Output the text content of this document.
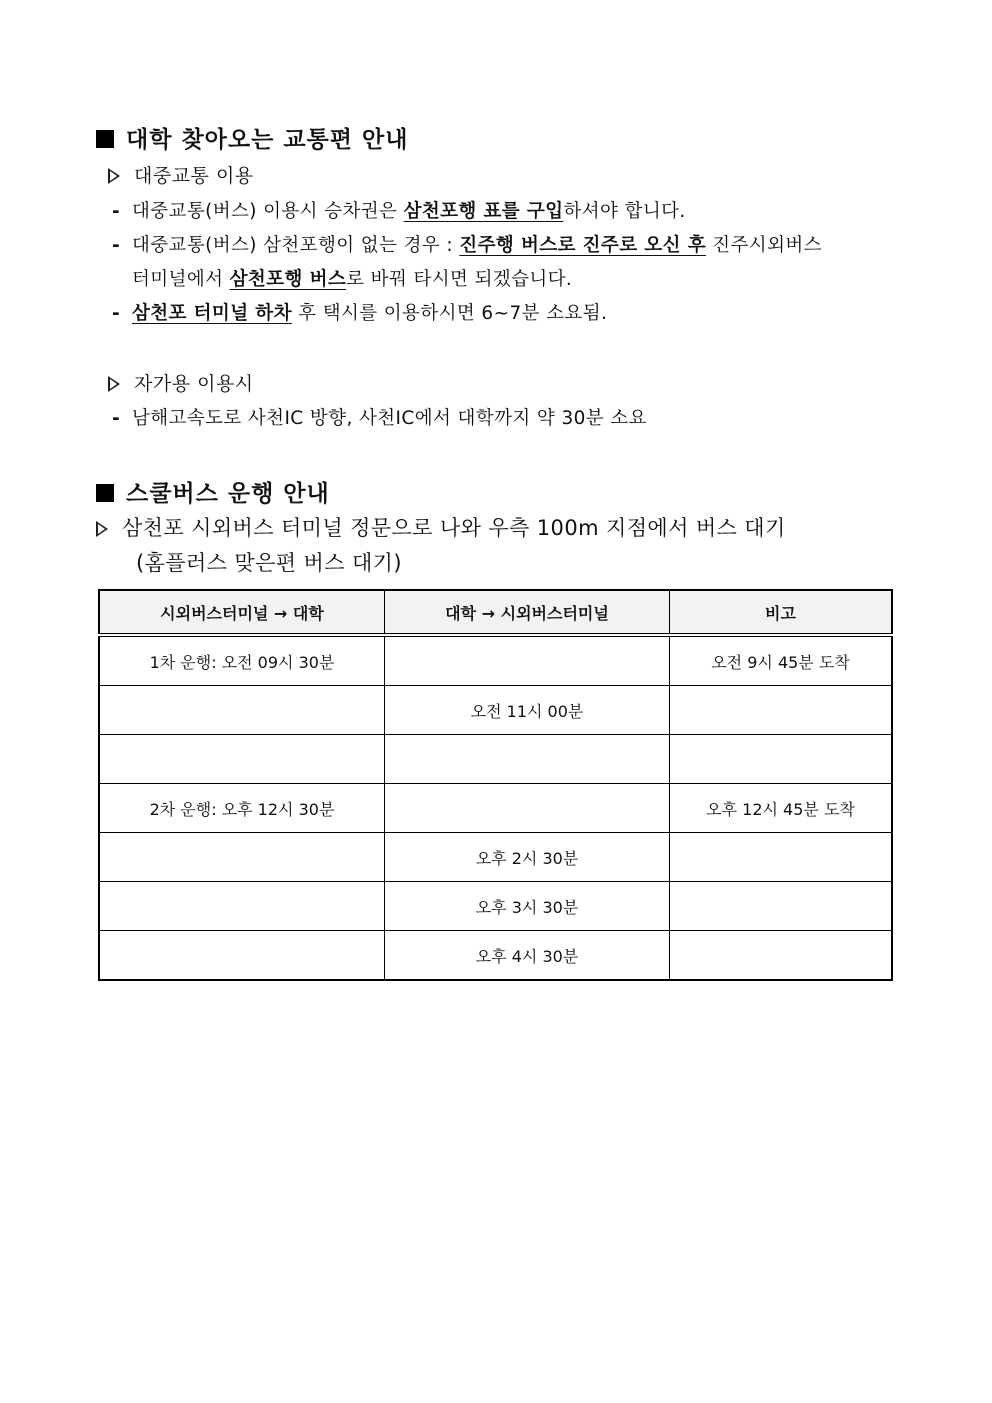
대학 찾아오는 교통편 안내
대중교통 이용
- 대중교통(버스) 이용시 승차권은 삼천포행 표를 구입하셔야 합니다.
- 대중교통(버스) 삼천포행이 없는 경우 : 진주행 버스로 진주로 오신 후 진주시외버스
터미널에서 삼천포행 버스로 바꿔 타시면 되겠습니다.
- 삼천포 터미널 하차 후 택시를 이용하시면 6~7분 소요됨.
자가용 이용시
- 남해고속도로 사천IC 방향, 사천IC에서 대학까지 약 30분 소요
스쿨버스 운행 안내
삼천포 시외버스 터미널 정문으로 나와 우측 100m 지점에서 버스 대기
(홈플러스 맞은편 버스 대기)
시외버스터미널 → 대학	대학 → 시외버스터미널	비고
1차 운행: 오전 09시 30분		오전 9시 45분 도착
	오전 11시 00분	

2차 운행: 오후 12시 30분		오후 12시 45분 도착
	오후 2시 30분	
	오후 3시 30분	
	오후 4시 30분	
